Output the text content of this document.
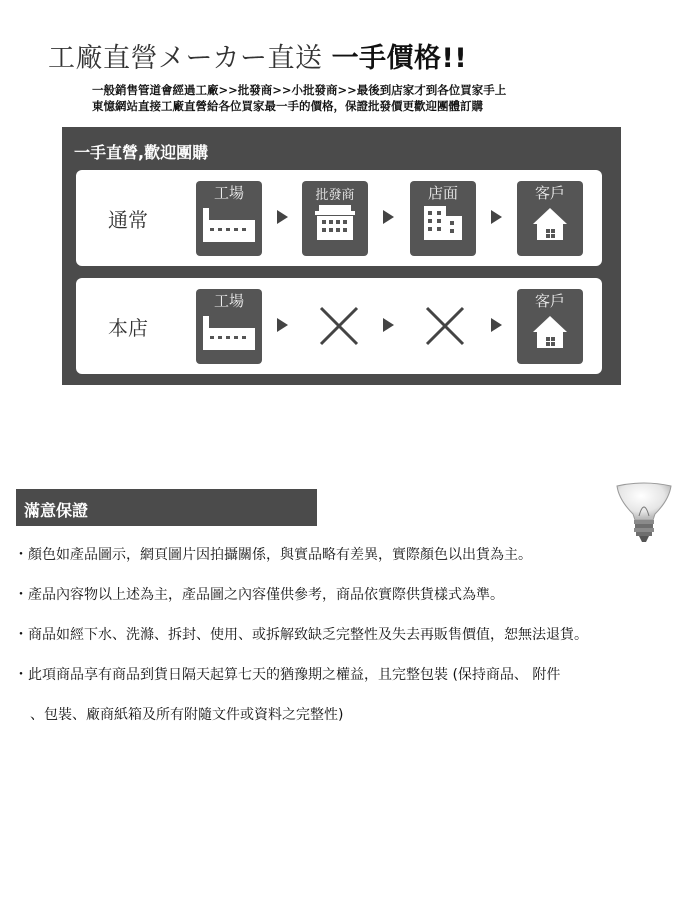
工廠直營メーカー直送 一手價格!!
一般銷售管道會經過工廠>>批發商>>小批發商>>最後到店家才到各位買家手上
東憶網站直接工廠直營給各位買家最一手的價格，保證批發價更歡迎團體訂購
一手直營,歡迎團購
通常
工場	批發商	店面	客戶
本店
工場	客戶
滿意保證
・顏色如產品圖示，網頁圖片因拍攝關係，與實品略有差異，實際顏色以出貨為主。
・產品內容物以上述為主，產品圖之內容僅供參考，商品依實際供貨樣式為準。
・商品如經下水、洗滌、拆封、使用、或拆解致缺乏完整性及失去再販售價值，恕無法退貨。
・此項商品享有商品到貨日隔天起算七天的猶豫期之權益，且完整包裝 (保持商品、 附件
、包裝、廠商紙箱及所有附隨文件或資料之完整性)
